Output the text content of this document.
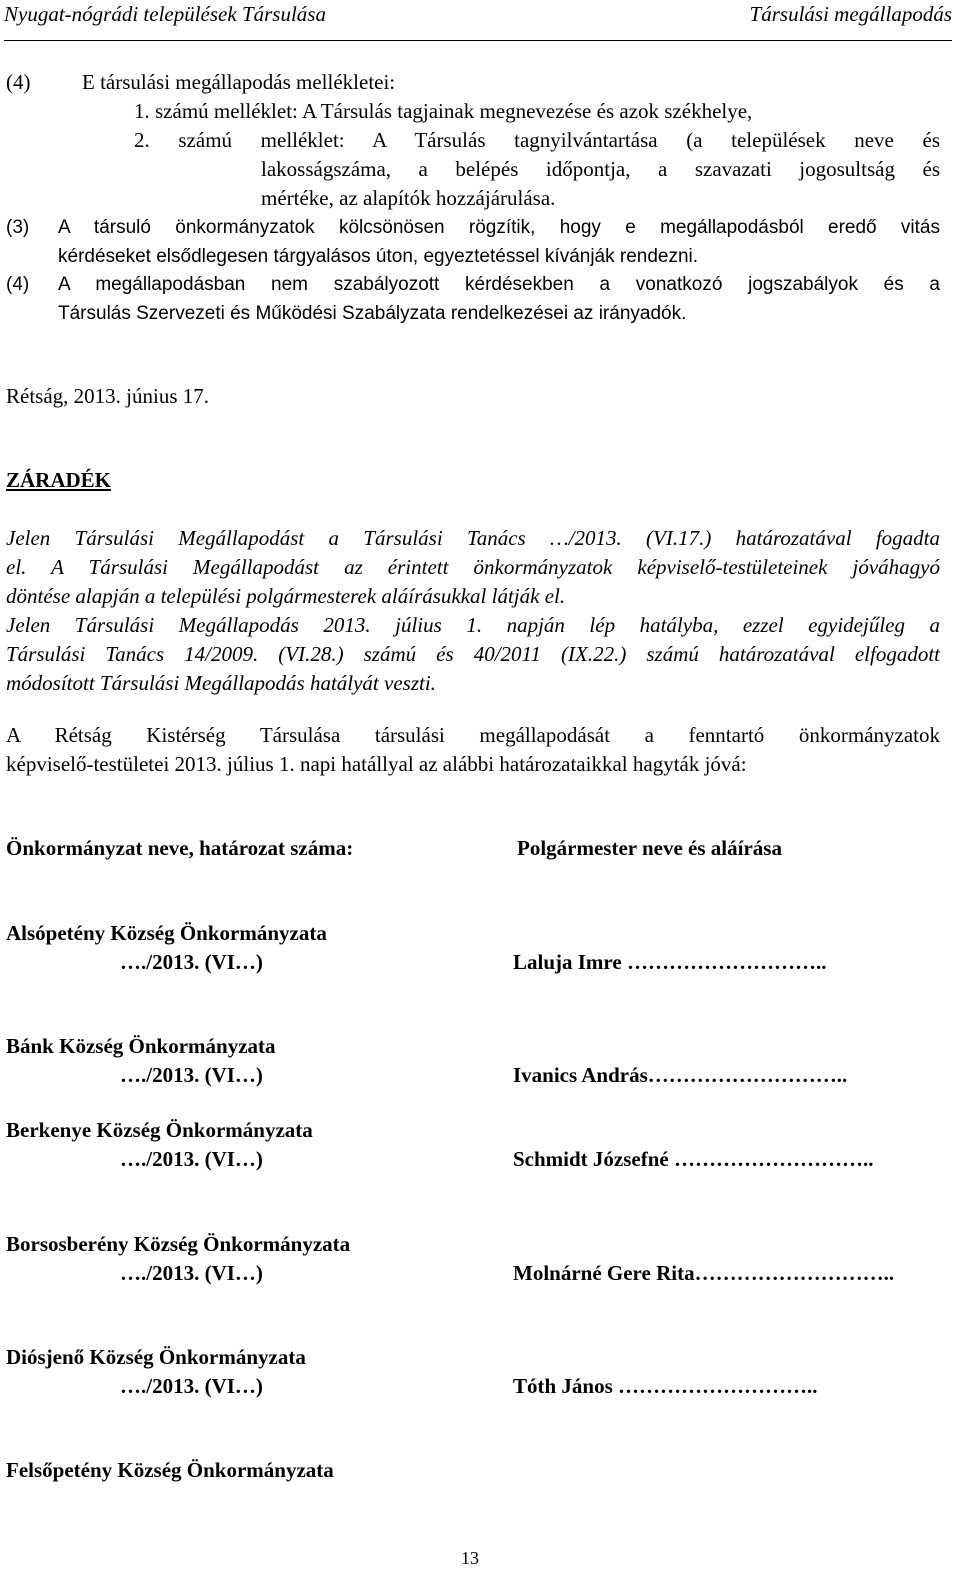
Nyugat-nógrádi települések Társulása	Társulási megállapodás
(4)	E társulási megállapodás mellékletei:
1. számú melléklet: A Társulás tagjainak megnevezése és azok székhelye,
2. számú melléklet: A Társulás tagnyilvántartása (a települések neve és
lakosságszáma, a belépés időpontja, a szavazati jogosultság és
mértéke, az alapítók hozzájárulása.
(3) A társuló önkormányzatok kölcsönösen rögzítik, hogy e megállapodásból eredő vitás
kérdéseket elsődlegesen tárgyalásos úton, egyeztetéssel kívánják rendezni.
(4) A megállapodásban nem szabályozott kérdésekben a vonatkozó jogszabályok és a
Társulás Szervezeti és Működési Szabályzata rendelkezései az irányadók.
Rétság, 2013. június 17.
ZÁRADÉK
Jelen Társulási Megállapodást a Társulási Tanács …/2013. (VI.17.) határozatával fogadta
el. A Társulási Megállapodást az érintett önkormányzatok képviselő-testületeinek jóváhagyó
döntése alapján a települési polgármesterek aláírásukkal látják el.
Jelen Társulási Megállapodás 2013. július 1. napján lép hatályba, ezzel egyidejűleg a
Társulási Tanács 14/2009. (VI.28.) számú és 40/2011 (IX.22.) számú határozatával elfogadott
módosított Társulási Megállapodás hatályát veszti.
A Rétság Kistérség Társulása társulási megállapodását a fenntartó önkormányzatok
képviselő-testületei 2013. július 1. napi hatállyal az alábbi határozataikkal hagyták jóvá:
Önkormányzat neve, határozat száma:	Polgármester neve és aláírása
Alsópetény Község Önkormányzata
…./2013. (VI…)	Laluja Imre ………………………..
Bánk Község Önkormányzata
…./2013. (VI…)	Ivanics András………………………..
Berkenye Község Önkormányzata
…./2013. (VI…)	Schmidt Józsefné ………………………..
Borsosberény Község Önkormányzata
…./2013. (VI…)	Molnárné Gere Rita………………………..
Diósjenő Község Önkormányzata
…./2013. (VI…)	Tóth János ………………………..
Felsőpetény Község Önkormányzata
13
